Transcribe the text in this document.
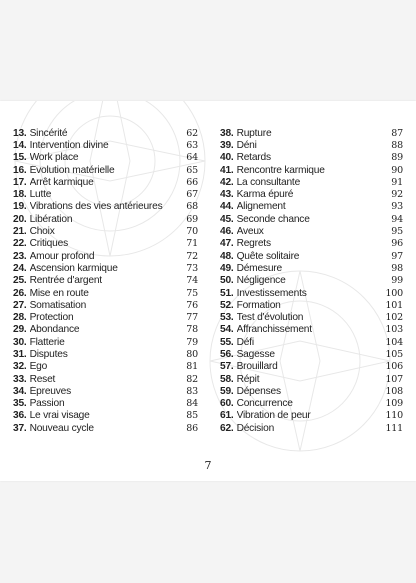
13. Sincérité	62
14. Intervention divine	63
15. Work place	64
16. Évolution matérielle	65
17. Arrêt karmique	66
18. Lutte	67
19. Vibrations des vies antérieures	68
20. Libération	69
21. Choix	70
22. Critiques	71
23. Amour profond	72
24. Ascension karmique	73
25. Rentrée d'argent	74
26. Mise en route	75
27. Somatisation	76
28. Protection	77
29. Abondance	78
30. Flatterie	79
31. Disputes	80
32. Ego	81
33. Reset	82
34. Épreuves	83
35. Passion	84
36. Le vrai visage	85
37. Nouveau cycle	86
38. Rupture	87
39. Déni	88
40. Retards	89
41. Rencontre karmique	90
42. La consultante	91
43. Karma épuré	92
44. Alignement	93
45. Seconde chance	94
46. Aveux	95
47. Regrets	96
48. Quête solitaire	97
49. Démesure	98
50. Négligence	99
51. Investissements	100
52. Formation	101
53. Test d'évolution	102
54. Affranchissement	103
55. Défi	104
56. Sagesse	105
57. Brouillard	106
58. Répit	107
59. Dépenses	108
60. Concurrence	109
61. Vibration de peur	110
62. Décision	111
7
